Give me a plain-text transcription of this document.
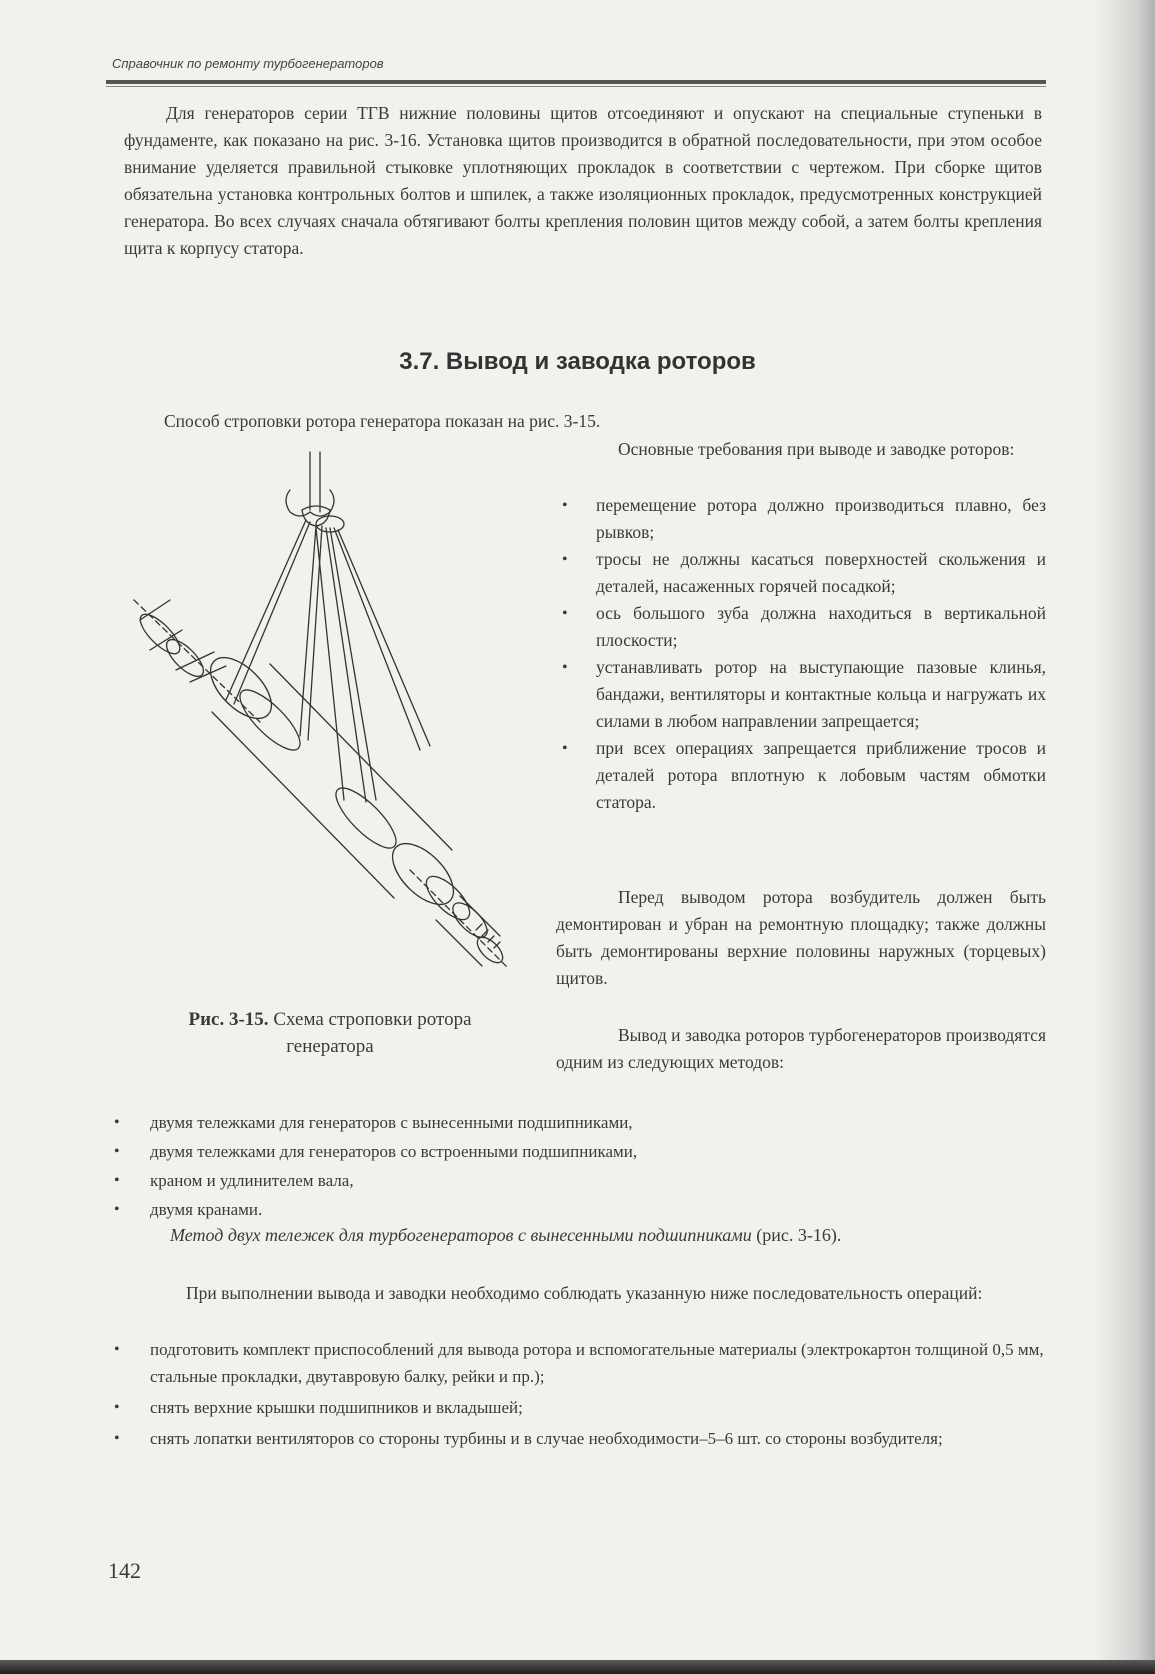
Справочник по ремонту турбогенераторов
Для генераторов серии ТГВ нижние половины щитов отсоединяют и опускают на специальные ступеньки в фундаменте, как показано на рис. 3-16. Установка щитов производится в обратной последовательности, при этом особое внимание уделяется правильной стыковке уплотняющих прокладок в соответствии с чертежом. При сборке щитов обязательна установка контрольных болтов и шпилек, а также изоляционных прокладок, предусмотренных конструкцией генератора. Во всех случаях сначала обтягивают болты крепления половин щитов между собой, а затем болты крепления щита к корпусу статора.
3.7. Вывод и заводка роторов
Способ строповки ротора генератора показан на рис. 3-15.
Основные требования при выводе и заводке роторов:
• перемещение ротора должно производиться плавно, без рывков;
• тросы не должны касаться поверхностей скольжения и деталей, насаженных горячей посадкой;
• ось большого зуба должна находиться в вертикальной плоскости;
• устанавливать ротор на выступающие пазовые клинья, бандажи, вентиляторы и контактные кольца и нагружать их силами в любом направлении запрещается;
• при всех операциях запрещается приближение тросов и деталей ротора вплотную к лобовым частям обмотки статора.
Перед выводом ротора возбудитель должен быть демонтирован и убран на ремонтную площадку; также должны быть демонтированы верхние половины наружных (торцевых) щитов.
Вывод и заводка роторов турбогенераторов производятся одним из следующих методов:
• двумя тележками для генераторов с вынесенными подшипниками,
• двумя тележками для генераторов со встроенными подшипниками,
• краном и удлинителем вала,
• двумя кранами.
Метод двух тележек для турбогенераторов с вынесенными подшипниками (рис. 3-16).
При выполнении вывода и заводки необходимо соблюдать указанную ниже последовательность операций:
• подготовить комплект приспособлений для вывода ротора и вспомогательные материалы (электрокартон толщиной 0,5 мм, стальные прокладки, двутавровую балку, рейки и пр.);
• снять верхние крышки подшипников и вкладышей;
• снять лопатки вентиляторов со стороны турбины и в случае необходимости–5–6 шт. со стороны возбудителя;
Рис. 3-15. Схема строповки ротора генератора
142
